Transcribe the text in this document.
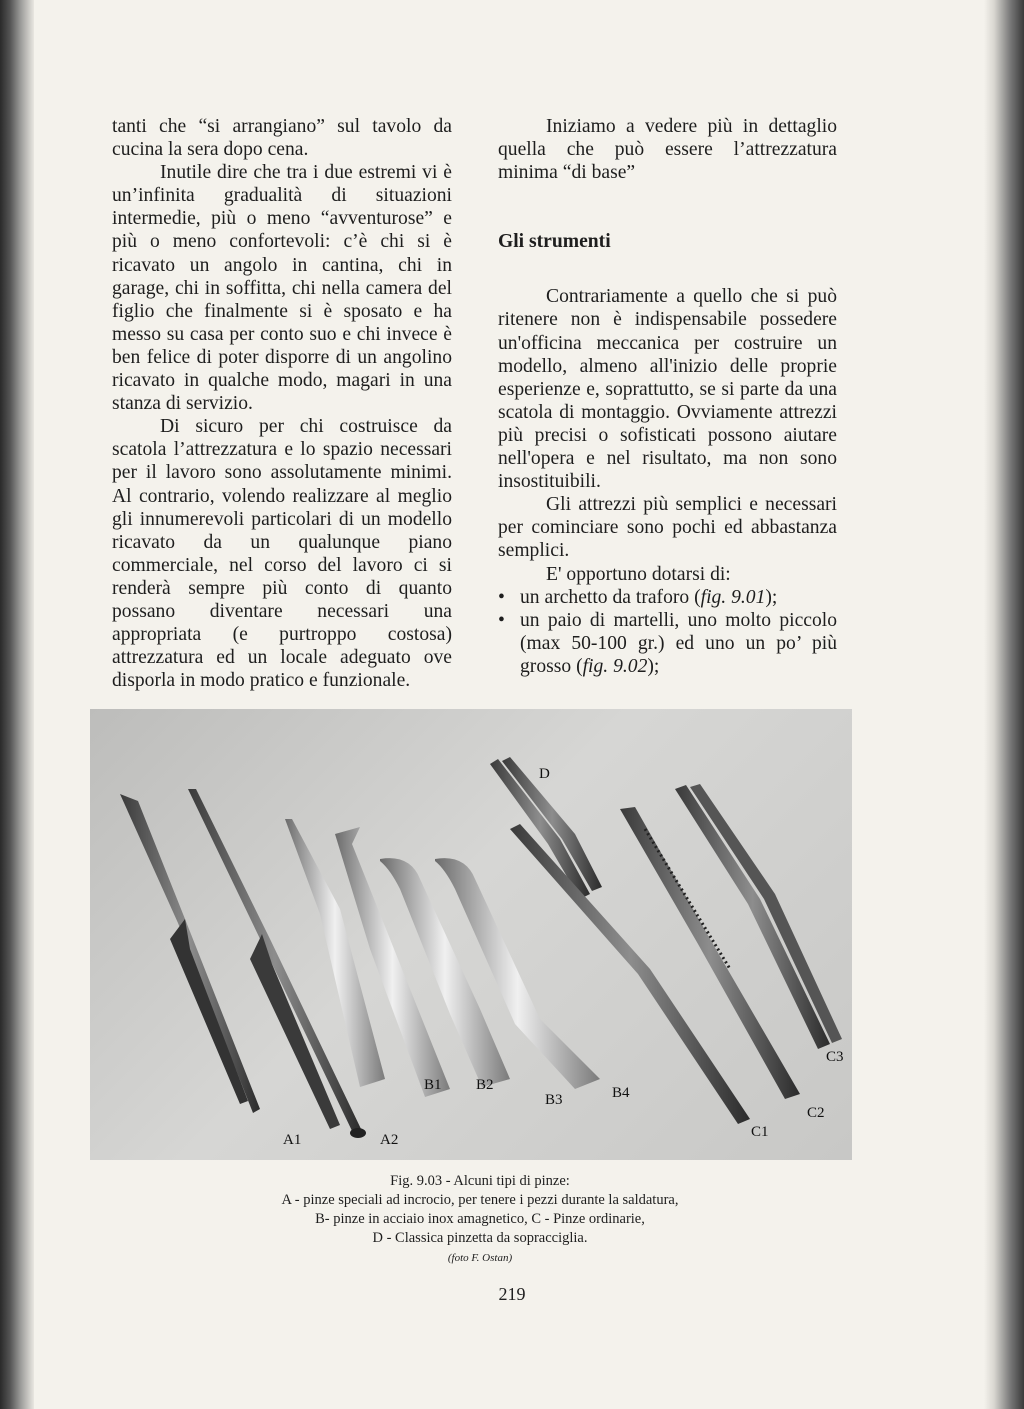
tanti che “si arrangiano” sul tavolo da cucina la sera dopo cena.

Inutile dire che tra i due estremi vi è un’infinita gradualità di situazioni intermedie, più o meno “avventurose” e più o meno confortevoli: c’è chi si è ricavato un angolo in cantina, chi in garage, chi in soffitta, chi nella camera del figlio che finalmente si è sposato e ha messo su casa per conto suo e chi invece è ben felice di poter disporre di un angolino ricavato in qualche modo, magari in una stanza di servizio.

Di sicuro per chi costruisce da scatola l’attrezzatura e lo spazio necessari per il lavoro sono assolutamente minimi. Al contrario, volendo realizzare al meglio gli innumerevoli particolari di un modello ricavato da un qualunque piano commerciale, nel corso del lavoro ci si renderà sempre più conto di quanto possano diventare necessari una appropriata (e purtroppo costosa) attrezzatura ed un locale adeguato ove disporla in modo pratico e funzionale.

Iniziamo a vedere più in dettaglio quella che può essere l’attrezzatura minima “di base”

Gli strumenti

Contrariamente a quello che si può ritenere non è indispensabile possedere un'officina meccanica per costruire un modello, almeno all'inizio delle proprie esperienze e, soprattutto, se si parte da una scatola di montaggio. Ovviamente attrezzi più precisi o sofisticati possono aiutare nell'opera e nel risultato, ma non sono insostituibili.

Gli attrezzi più semplici e necessari per cominciare sono pochi ed abbastanza semplici.

E' opportuno dotarsi di:

• un archetto da traforo (fig. 9.01);
• un paio di martelli, uno molto piccolo (max 50-100 gr.) ed uno un po’ più grosso (fig. 9.02);
A1	A2
B1 B2
B3	B4
C1
C2
C3
D
Fig. 9.03 - Alcuni tipi di pinze:
A - pinze speciali ad incrocio, per tenere i pezzi durante la saldatura,
B- pinze in acciaio inox amagnetico, C - Pinze ordinarie,
D - Classica pinzetta da sopracciglia.
(foto F. Ostan)
219
